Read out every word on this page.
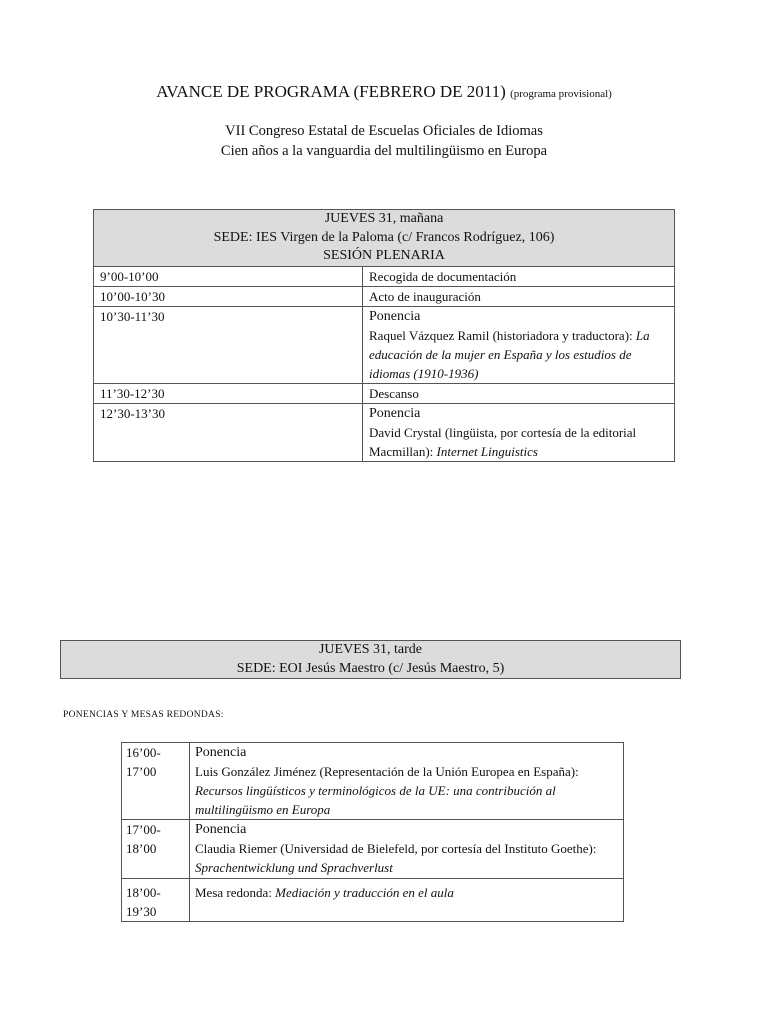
AVANCE DE PROGRAMA (FEBRERO DE 2011) (programa provisional)
VII Congreso Estatal de Escuelas Oficiales de Idiomas
Cien años a la vanguardia del multilingüismo en Europa
JUEVES 31, mañana
SEDE: IES Virgen de la Paloma (c/ Francos Rodríguez, 106)
SESIÓN PLENARIA	

9’00-10’00	Recogida de documentación
10’00-10’30	Acto de inauguración
10’30-11’30	Ponencia
Raquel Vázquez Ramil (historiadora y traductora): La educación de la mujer en España y los estudios de idiomas (1910-1936)
11’30-12’30	Descanso
12’30-13’30	Ponencia
David Crystal (lingüista, por cortesía de la editorial Macmillan): Internet Linguistics
JUEVES 31, tarde
SEDE: EOI Jesús Maestro (c/ Jesús Maestro, 5)
PONENCIAS Y MESAS REDONDAS:
16’00-17’00	Ponencia
Luis González Jiménez (Representación de la Unión Europea en España): Recursos lingüísticos y terminológicos de la UE: una contribución al multilingüismo en Europa
17’00-18’00	Ponencia
Claudia Riemer (Universidad de Bielefeld, por cortesía del Instituto Goethe): Sprachentwicklung und Sprachverlust
18’00-19’30	Mesa redonda: Mediación y traducción en el aula
